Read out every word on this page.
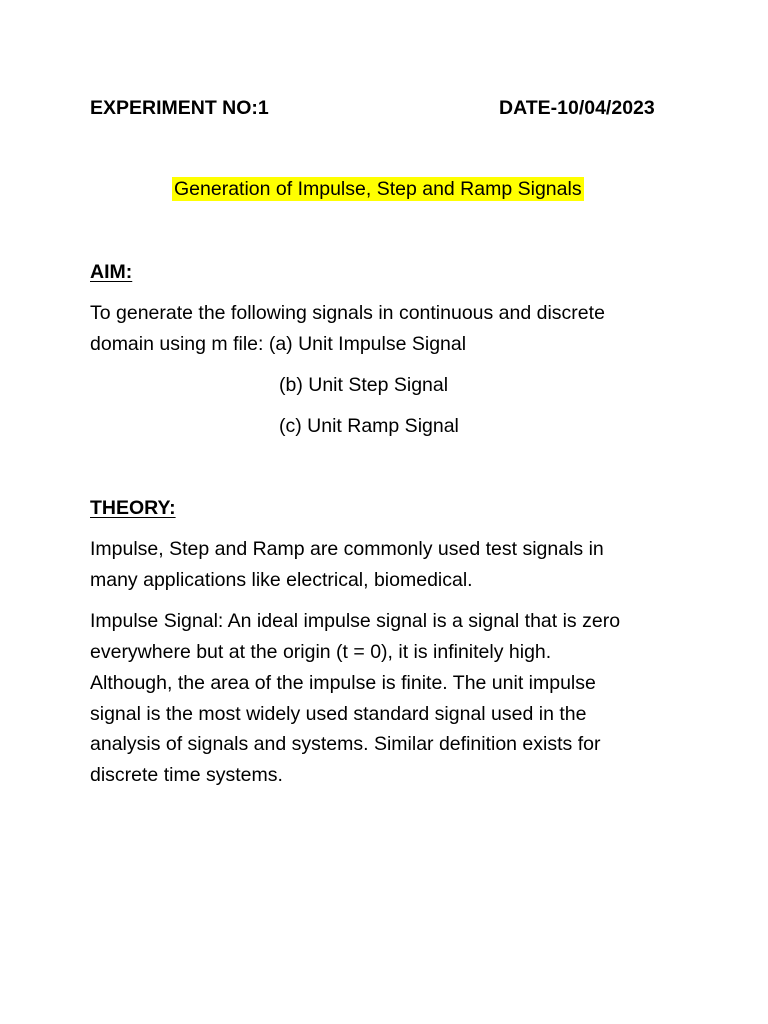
EXPERIMENT NO:1	DATE-10/04/2023
Generation of Impulse, Step and Ramp Signals
AIM:
To generate the following signals in continuous and discrete
domain using m file: (a) Unit Impulse Signal
(b) Unit Step Signal
(c) Unit Ramp Signal
THEORY:
Impulse, Step and Ramp are commonly used test signals in
many applications like electrical, biomedical.
Impulse Signal: An ideal impulse signal is a signal that is zero
everywhere but at the origin (t = 0), it is infinitely high.
Although, the area of the impulse is finite. The unit impulse
signal is the most widely used standard signal used in the
analysis of signals and systems. Similar definition exists for
discrete time systems.
